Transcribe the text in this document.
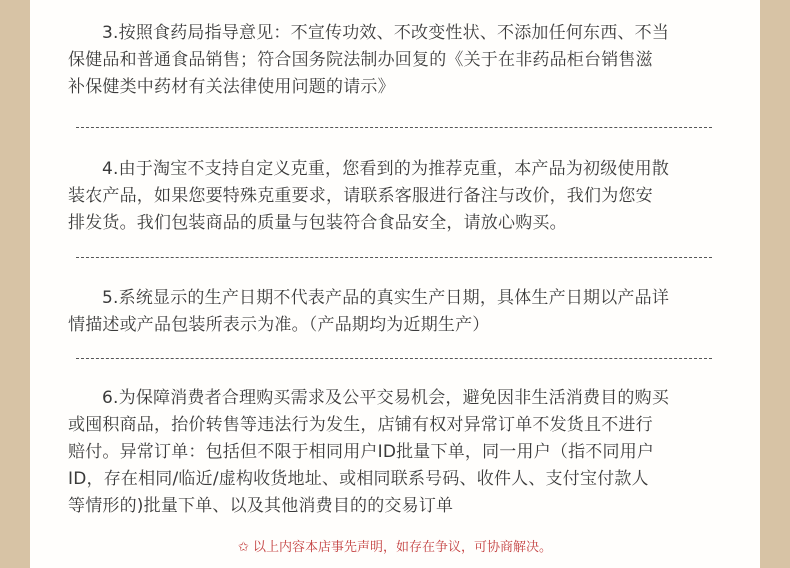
3.按照食药局指导意见：不宣传功效、不改变性状、不添加任何东西、不当
保健品和普通食品销售；符合国务院法制办回复的《关于在非药品柜台销售滋
补保健类中药材有关法律使用问题的请示》

4.由于淘宝不支持自定义克重，您看到的为推荐克重，本产品为初级使用散
装农产品，如果您要特殊克重要求，请联系客服进行备注与改价，我们为您安
排发货。我们包装商品的质量与包装符合食品安全，请放心购买。

5.系统显示的生产日期不代表产品的真实生产日期，具体生产日期以产品详
情描述或产品包装所表示为准。（产品期均为近期生产）

6.为保障消费者合理购买需求及公平交易机会，避免因非生活消费目的购买
或囤积商品，抬价转售等违法行为发生，店铺有权对异常订单不发货且不进行
赔付。异常订单：包括但不限于相同用户ID批量下单，同一用户（指不同用户
ID，存在相同/临近/虚构收货地址、或相同联系号码、收件人、支付宝付款人
等情形的)批量下单、以及其他消费目的的交易订单

✩ 以上内容本店事先声明，如存在争议，可协商解决。
